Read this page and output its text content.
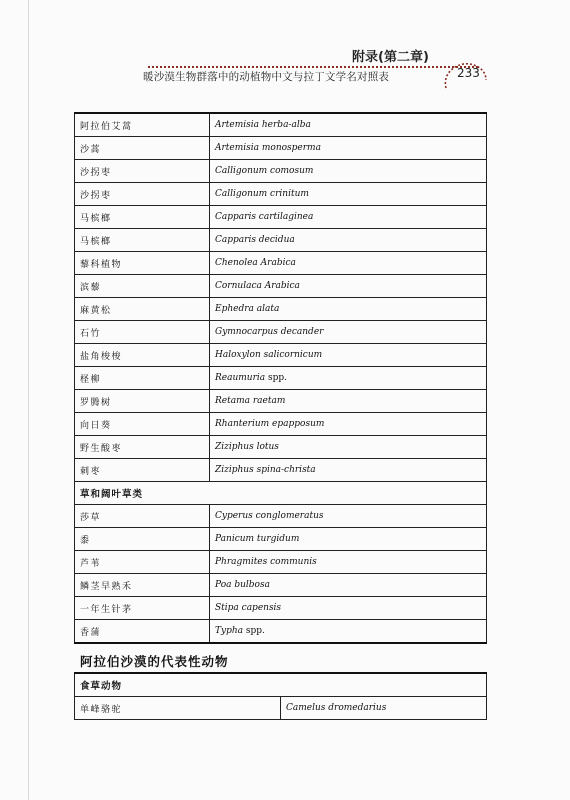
附录(第二章)
暖沙漠生物群落中的动植物中文与拉丁文学名对照表	233
阿拉伯艾蒿	Artemisia herba-alba
沙蒿	Artemisia monosperma
沙拐枣	Calligonum comosum
沙拐枣	Calligonum crinitum
马槟榔	Capparis cartilaginea
马槟榔	Capparis decidua
藜科植物	Chenolea Arabica
滨藜	Cornulaca Arabica
麻黄松	Ephedra alata
石竹	Gymnocarpus decander
盐角梭梭	Haloxylon salicornicum
柽柳	Reaumuria spp.
罗腾树	Retama raetam
向日葵	Rhanterium epapposum
野生酸枣	Ziziphus lotus
刺枣	Ziziphus spina-christa
草和阔叶草类	
莎草	Cyperus conglomeratus
黍	Panicum turgidum
芦苇	Phragmites communis
鳞茎早熟禾	Poa bulbosa
一年生针茅	Stipa capensis
香蒲	Typha spp.
阿拉伯沙漠的代表性动物
食草动物
单峰骆驼	Camelus dromedarius
